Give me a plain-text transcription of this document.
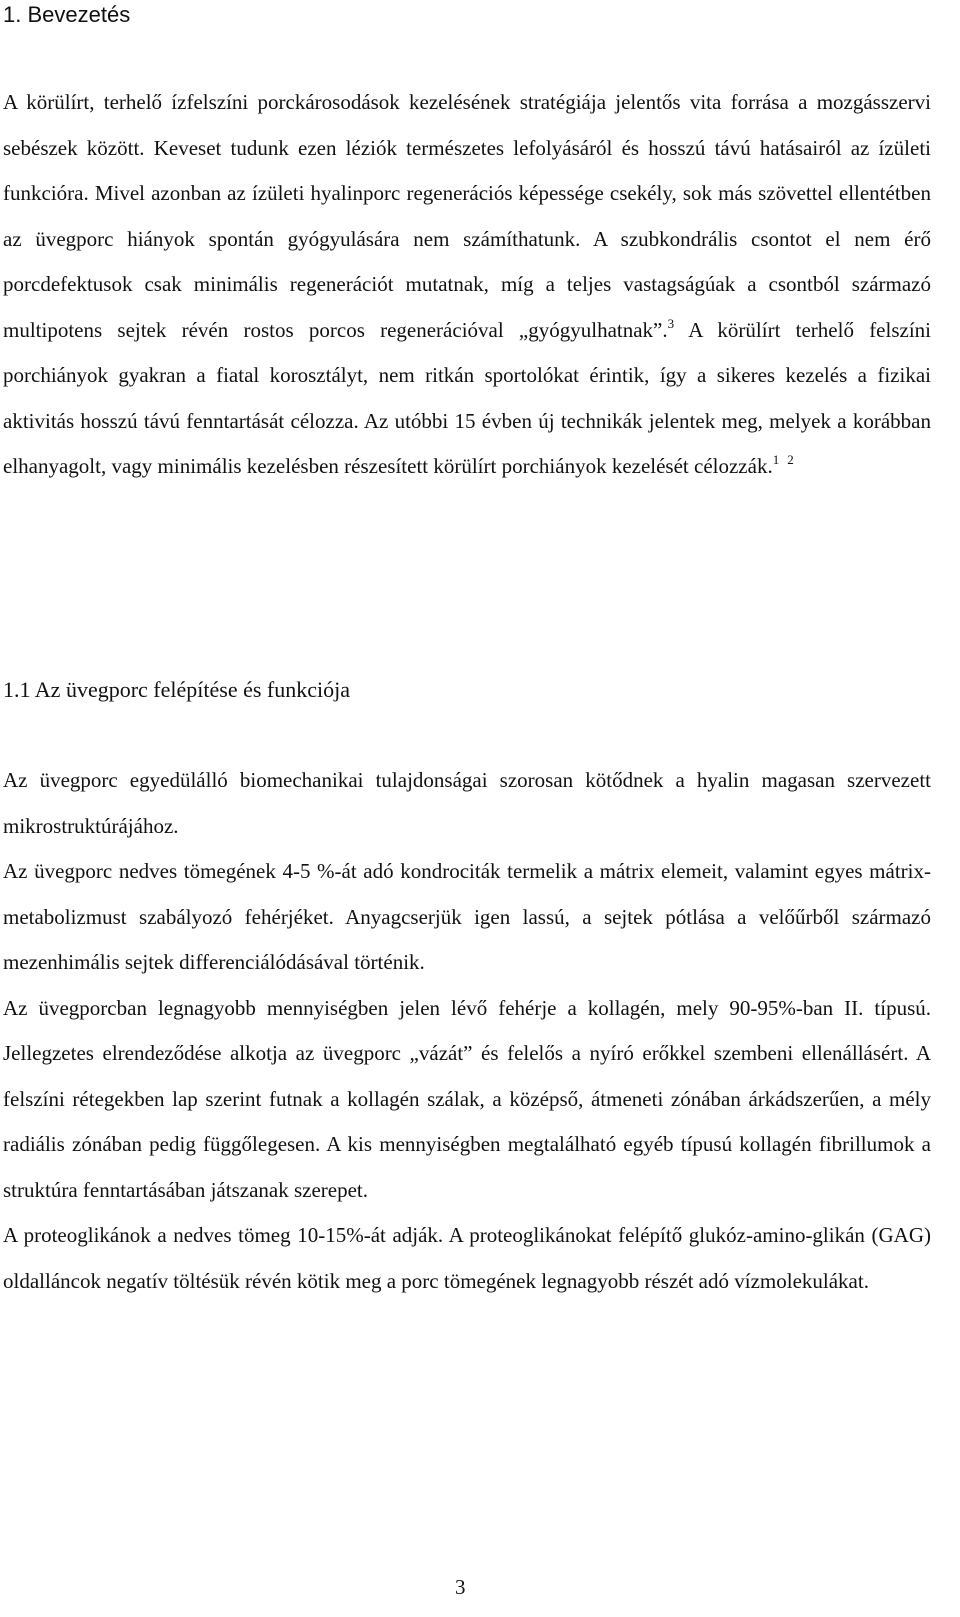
1. Bevezetés
A körülírt, terhelő ízfelszíni porckárosodások kezelésének stratégiája jelentős vita forrása a mozgásszervi sebészek között. Keveset tudunk ezen léziók természetes lefolyásáról és hosszú távú hatásairól az ízületi funkcióra. Mivel azonban az ízületi hyalinporc regenerációs képessége csekély, sok más szövettel ellentétben az üvegporc hiányok spontán gyógyulására nem számíthatunk. A szubkondrális csontot el nem érő porcdefektusok csak minimális regenerációt mutatnak, míg a teljes vastagságúak a csontból származó multipotens sejtek révén rostos porcos regenerációval „gyógyulhatnak”.$^3$ A körülírt terhelő felszíni porchiányok gyakran a fiatal korosztályt, nem ritkán sportolókat érintik, így a sikeres kezelés a fizikai aktivitás hosszú távú fenntartását célozza. Az utóbbi 15 évben új technikák jelentek meg, melyek a korábban elhanyagolt, vagy minimális kezelésben részesített körülírt porchiányok kezelését célozzák.$^{1 2}$
1.1 Az üvegporc felépítése és funkciója
Az üvegporc egyedülálló biomechanikai tulajdonságai szorosan kötődnek a hyalin magasan szervezett mikrostruktúrájához.
Az üvegporc nedves tömegének 4-5 %-át adó kondrociták termelik a mátrix elemeit, valamint egyes mátrix-metabolizmust szabályozó fehérjéket. Anyagcserjük igen lassú, a sejtek pótlása a velőűrből származó mezenhimális sejtek differenciálódásával történik.
Az üvegporcban legnagyobb mennyiségben jelen lévő fehérje a kollagén, mely 90-95%-ban II. típusú. Jellegzetes elrendeződése alkotja az üvegporc „vázát” és felelős a nyíró erőkkel szembeni ellenállásért. A felszíni rétegekben lap szerint futnak a kollagén szálak, a középső, átmeneti zónában árkádszerűen, a mély radiális zónában pedig függőlegesen. A kis mennyiségben megtalálható egyéb típusú kollagén fibrillumok a struktúra fenntartásában játszanak szerepet.
A proteoglikánok a nedves tömeg 10-15%-át adják. A proteoglikánokat felépítő glukóz-amino-glikán (GAG) oldalláncok negatív töltésük révén kötik meg a porc tömegének legnagyobb részét adó vízmolekulákat.
3
